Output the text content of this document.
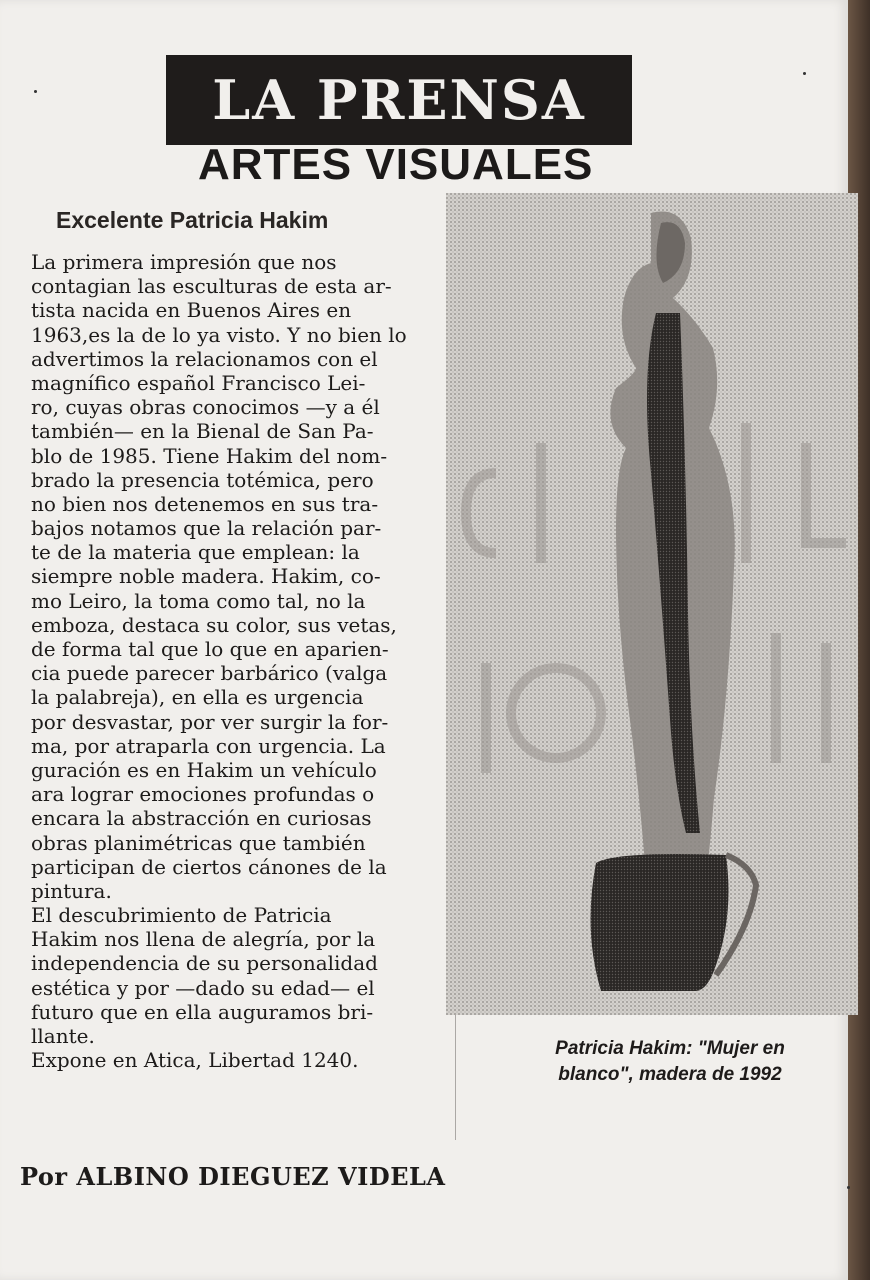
LA PRENSA
ARTES VISUALES
Excelente Patricia Hakim
La primera impresión que nos
contagian las esculturas de esta ar-
tista nacida en Buenos Aires en
1963,es la de lo ya visto. Y no bien lo
advertimos la relacionamos con el
magnífico español Francisco Lei-
ro, cuyas obras conocimos —y a él
también— en la Bienal de San Pa-
blo de 1985. Tiene Hakim del nom-
brado la presencia totémica, pero
no bien nos detenemos en sus tra-
bajos notamos que la relación par-
te de la materia que emplean: la
siempre noble madera. Hakim, co-
mo Leiro, la toma como tal, no la
emboza, destaca su color, sus vetas,
de forma tal que lo que en aparien-
cia puede parecer barbárico (valga
la palabreja), en ella es urgencia
por desvastar, por ver surgir la for-
ma, por atraparla con urgencia. La
guración es en Hakim un vehículo
ara lograr emociones profundas o
encara la abstracción en curiosas
obras planimétricas que también
participan de ciertos cánones de la
pintura.
El descubrimiento de Patricia
Hakim nos llena de alegría, por la
independencia de su personalidad
estética y por —dado su edad— el
futuro que en ella auguramos bri-
llante.
Expone en Atica, Libertad 1240.	Patricia Hakim: "Mujer en
blanco", madera de 1992
Por ALBINO DIEGUEZ VIDELA
